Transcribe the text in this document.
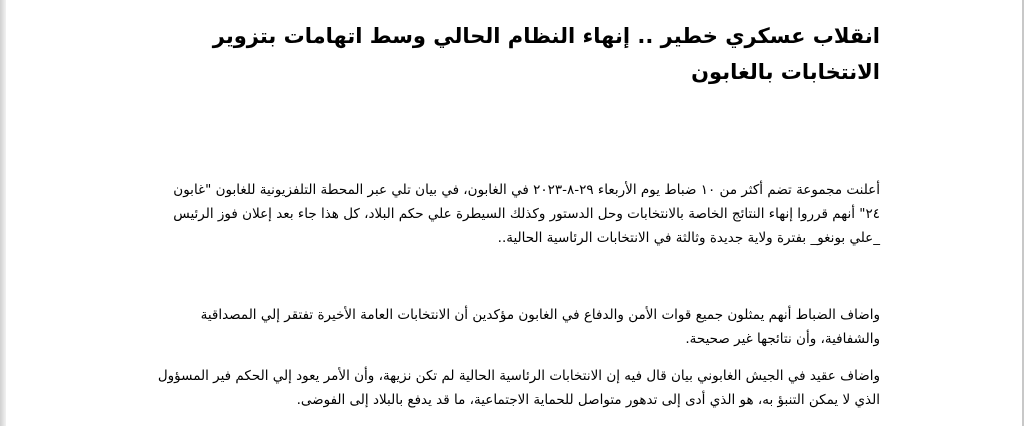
انقلاب عسكري خطير .. إنهاء النظام الحالي وسط اتهامات بتزوير الانتخابات بالغابون

أعلنت مجموعة تضم أكثر من ١٠ ضباط يوم الأربعاء ٢٩-٨-٢٠٢٣ في الغابون، في بيان تلي عبر المحطة التلفزيونية للغابون "غابون ٢٤" أنهم قرروا إنهاء النتائج الخاصة بالانتخابات وحل الدستور وكذلك السيطرة علي حكم البلاد، كل هذا جاء بعد إعلان فوز الرئيس _علي بونغو_ بفترة ولاية جديدة وثالثة في الانتخابات الرئاسية الحالية..

واضاف الضباط أنهم يمثلون جميع قوات الأمن والدفاع في الغابون مؤكدين أن الانتخابات العامة الأخيرة تفتقر إلي المصداقية والشفافية، وأن نتائجها غير صحيحة.

واضاف عقيد في الجيش الغابوني بيان قال فيه إن الانتخابات الرئاسية الحالية لم تكن نزيهة، وأن الأمر يعود إلي الحكم فير المسؤول الذي لا يمكن التنبؤ به، هو الذي أدى إلى تدهور متواصل للحماية الاجتماعية، ما قد يدفع بالبلاد إلى الفوضى.
